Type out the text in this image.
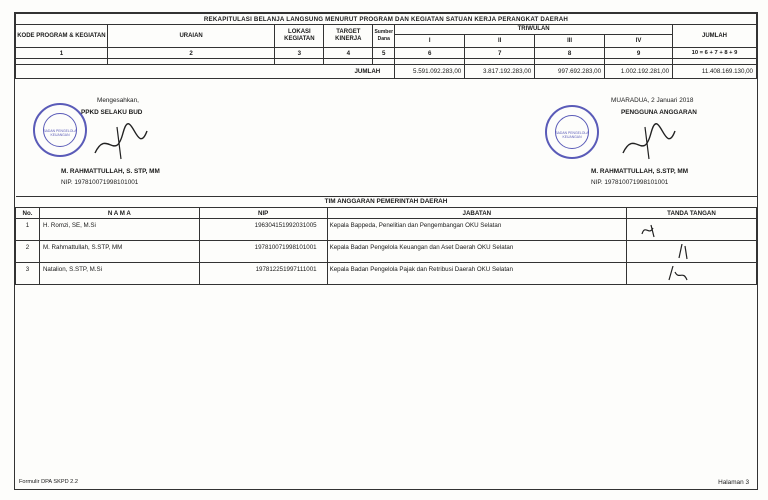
REKAPITULASI BELANJA LANGSUNG MENURUT PROGRAM DAN KEGIATAN SATUAN KERJA PERANGKAT DAERAH									
KODE PROGRAM & KEGIATAN	URAIAN	LOKASI KEGIATAN	TARGET KINERJA	Sumber Dana	TRIWULAN				JUMLAH
					I	II	III	IV	
1	2	3	4	5	6	7	8	9	10 = 6 + 7 + 8 + 9

JUMLAH					5.591.092.283,00	3.817.192.283,00	997.692.283,00	1.002.192.281,00	11.408.169.130,00
BADAN PENGELOLA
KEUANGAN
Mengesahkan,
PPKD SELAKU BUD
M. RAHMATTULLAH, S. STP, MM
NIP. 197810071998101001
BADAN PENGELOLA
KEUANGAN
MUARADUA, 2 Januari 2018
PENGGUNA ANGGARAN
M. RAHMATTULLAH, S.STP, MM
NIP. 197810071998101001
TIM ANGGARAN PEMERINTAH DAERAH				
No.	N A M A	NIP	JABATAN	TANDA TANGAN
1	H. Romzi, SE, M.Si	196304151992031005	Kepala Bappeda, Penelitian dan Pengembangan OKU Selatan	
2	M. Rahmattullah, S.STP, MM	197810071998101001	Kepala Badan Pengelola Keuangan dan Aset Daerah OKU Selatan	
3	Natalion, S.STP, M.Si	197812251997111001	Kepala Badan Pengelola Pajak dan Retribusi Daerah OKU Selatan	
Formulir DPA SKPD 2.2	Halaman 3
